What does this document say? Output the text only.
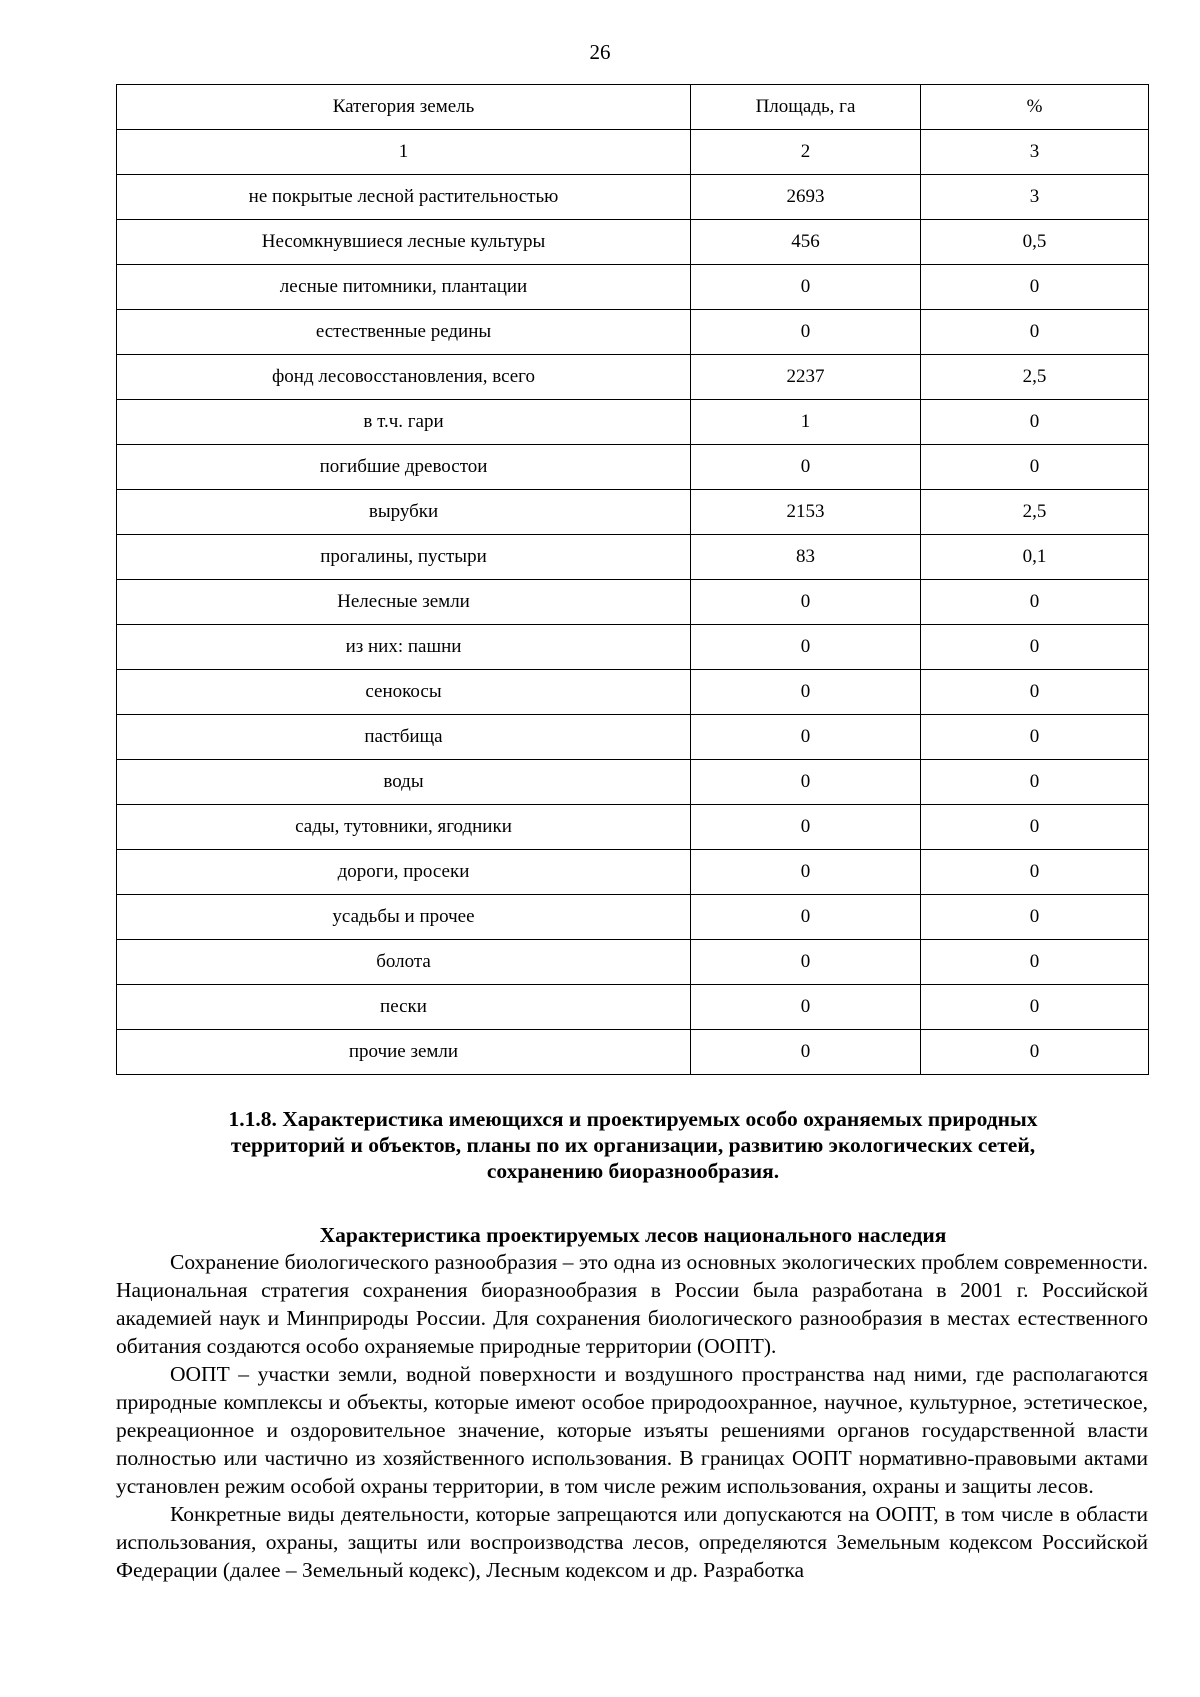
26
Категория земель	Площадь, га	%
1	2	3
не покрытые лесной растительностью	2693	3
Несомкнувшиеся лесные культуры	456	0,5
лесные питомники, плантации	0	0
естественные редины	0	0
фонд лесовосстановления, всего	2237	2,5
в т.ч. гари	1	0
погибшие древостои	0	0
вырубки	2153	2,5
прогалины, пустыри	83	0,1
Нелесные земли	0	0
из них: пашни	0	0
сенокосы	0	0
пастбища	0	0
воды	0	0
сады, тутовники, ягодники	0	0
дороги, просеки	0	0
усадьбы и прочее	0	0
болота	0	0
пески	0	0
прочие земли	0	0
1.1.8. Характеристика имеющихся и проектируемых особо охраняемых природных
территорий и объектов, планы по их организации, развитию экологических сетей,
сохранению биоразнообразия.
Характеристика проектируемых лесов национального наследия

Сохранение биологического разнообразия – это одна из основных экологических проблем современности. Национальная стратегия сохранения биоразнообразия в России была разработана в 2001 г. Российской академией наук и Минприроды России. Для сохранения биологического разнообразия в местах естественного обитания создаются особо охраняемые природные территории (ООПТ).

ООПТ – участки земли, водной поверхности и воздушного пространства над ними, где располагаются природные комплексы и объекты, которые имеют особое природоохранное, научное, культурное, эстетическое, рекреационное и оздоровительное значение, которые изъяты решениями органов государственной власти полностью или частично из хозяйственного использования. В границах ООПТ нормативно-правовыми актами установлен режим особой охраны территории, в том числе режим использования, охраны и защиты лесов.

Конкретные виды деятельности, которые запрещаются или допускаются на ООПТ, в том числе в области использования, охраны, защиты или воспроизводства лесов, определяются Земельным кодексом Российской Федерации (далее – Земельный кодекс), Лесным кодексом и др. Разработка
